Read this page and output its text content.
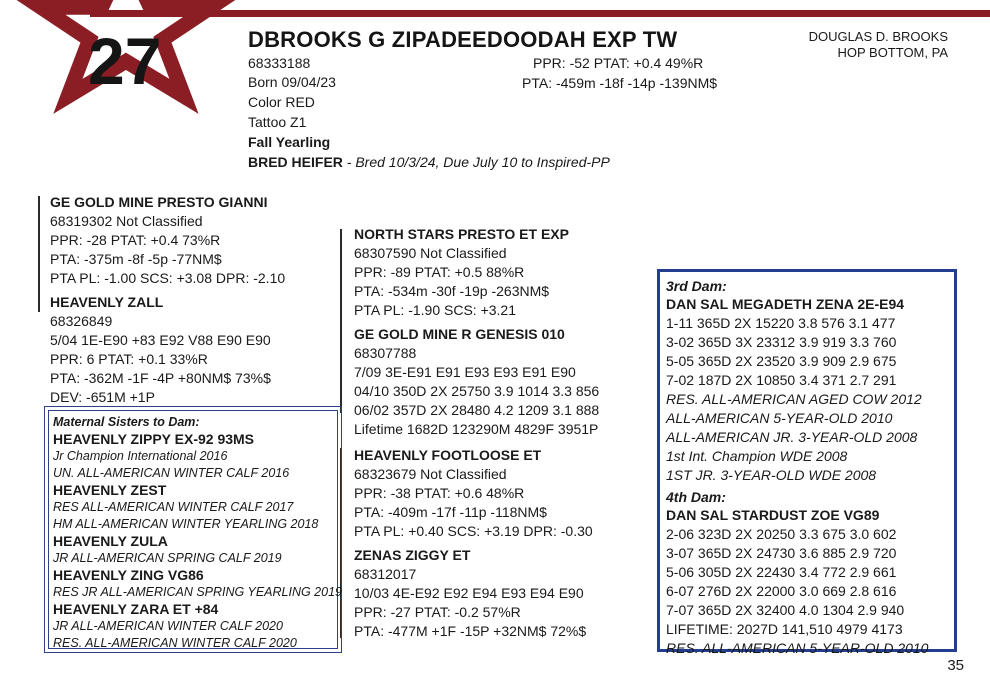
27	DBROOKS G ZIPADEEDOODAH EXP TW
68333188
Born 09/04/23
Color RED
Tattoo Z1
Fall Yearling
BRED HEIFER - Bred 10/3/24, Due July 10 to Inspired-PP
PPR: -52 PTAT: +0.4 49%R
PTA: -459m -18f -14p -139NM$
DOUGLAS D. BROOKS
HOP BOTTOM, PA
GE GOLD MINE PRESTO GIANNI
68319302 Not Classified
PPR: -28 PTAT: +0.4 73%R
PTA: -375m -8f -5p -77NM$
PTA PL: -1.00 SCS: +3.08 DPR: -2.10
HEAVENLY ZALL
68326849
5/04 1E-E90 +83 E92 V88 E90 E90
PPR: 6 PTAT: +0.1 33%R
PTA: -362M -1F -4P +80NM$ 73%$
DEV: -651M +1P
Maternal Sisters to Dam:
HEAVENLY ZIPPY EX-92 93MS
Jr Champion International 2016
UN. ALL-AMERICAN WINTER CALF 2016
HEAVENLY ZEST
RES ALL-AMERICAN WINTER CALF 2017
HM ALL-AMERICAN WINTER YEARLING 2018
HEAVENLY ZULA
JR ALL-AMERICAN SPRING CALF 2019
HEAVENLY ZING VG86
RES JR ALL-AMERICAN SPRING YEARLING 2019
HEAVENLY ZARA ET +84
JR ALL-AMERICAN WINTER CALF 2020
RES. ALL-AMERICAN WINTER CALF 2020
NORTH STARS PRESTO ET EXP
68307590 Not Classified
PPR: -89 PTAT: +0.5 88%R
PTA: -534m -30f -19p -263NM$
PTA PL: -1.90 SCS: +3.21
GE GOLD MINE R GENESIS 010
68307788
7/09 3E-E91 E91 E93 E93 E91 E90
04/10 350D 2X 25750 3.9 1014 3.3 856
06/02 357D 2X 28480 4.2 1209 3.1 888
Lifetime 1682D 123290M 4829F 3951P
HEAVENLY FOOTLOOSE ET
68323679 Not Classified
PPR: -38 PTAT: +0.6 48%R
PTA: -409m -17f -11p -118NM$
PTA PL: +0.40 SCS: +3.19 DPR: -0.30
ZENAS ZIGGY ET
68312017
10/03 4E-E92 E92 E94 E93 E94 E90
PPR: -27 PTAT: -0.2 57%R
PTA: -477M +1F -15P +32NM$ 72%$
3rd Dam:
DAN SAL MEGADETH ZENA 2E-E94
1-11 365D 2X 15220 3.8 576 3.1 477
3-02 365D 3X 23312 3.9 919 3.3 760
5-05 365D 2X 23520 3.9 909 2.9 675
7-02 187D 2X 10850 3.4 371 2.7 291
RES. ALL-AMERICAN AGED COW 2012
ALL-AMERICAN 5-YEAR-OLD 2010
ALL-AMERICAN JR. 3-YEAR-OLD 2008
1st Int. Champion WDE 2008
1ST JR. 3-YEAR-OLD WDE 2008
4th Dam:
DAN SAL STARDUST ZOE VG89
2-06 323D 2X 20250 3.3 675 3.0 602
3-07 365D 2X 24730 3.6 885 2.9 720
5-06 305D 2X 22430 3.4 772 2.9 661
6-07 276D 2X 22000 3.0 669 2.8 616
7-07 365D 2X 32400 4.0 1304 2.9 940
LIFETIME: 2027D 141,510 4979 4173
RES. ALL-AMERICAN 5-YEAR-OLD 2010
35
